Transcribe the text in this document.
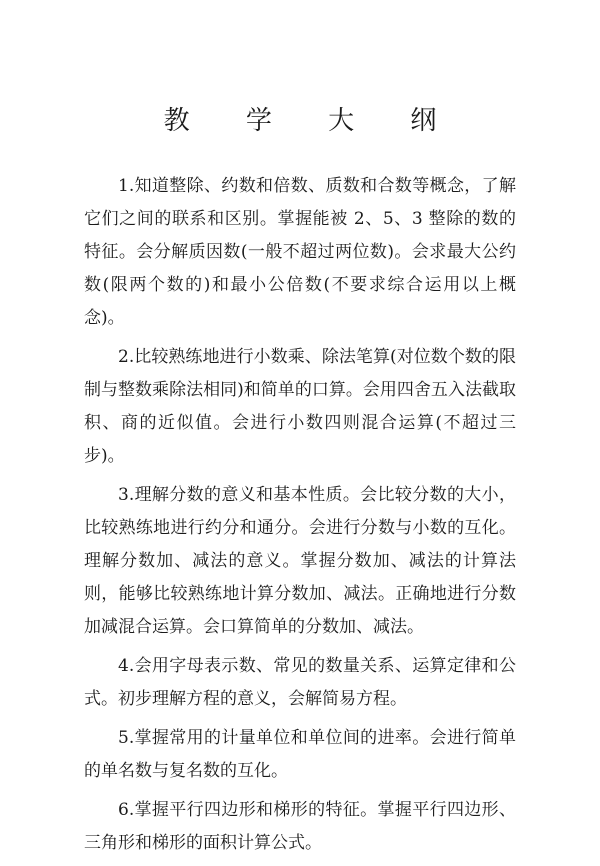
教 学 大 纲

1.知道整除、约数和倍数、质数和合数等概念，了解它们之间的联系和区别。掌握能被 2、5、3 整除的数的特征。会分解质因数(一般不超过两位数)。会求最大公约数(限两个数的)和最小公倍数(不要求综合运用以上概念)。

2.比较熟练地进行小数乘、除法笔算(对位数个数的限制与整数乘除法相同)和简单的口算。会用四舍五入法截取积、商的近似值。会进行小数四则混合运算(不超过三步)。

3.理解分数的意义和基本性质。会比较分数的大小，比较熟练地进行约分和通分。会进行分数与小数的互化。理解分数加、减法的意义。掌握分数加、减法的计算法则，能够比较熟练地计算分数加、减法。正确地进行分数加减混合运算。会口算简单的分数加、减法。

4.会用字母表示数、常见的数量关系、运算定律和公式。初步理解方程的意义，会解简易方程。

5.掌握常用的计量单位和单位间的进率。会进行简单的单名数与复名数的互化。

6.掌握平行四边形和梯形的特征。掌握平行四边形、三角形和梯形的面积计算公式。
